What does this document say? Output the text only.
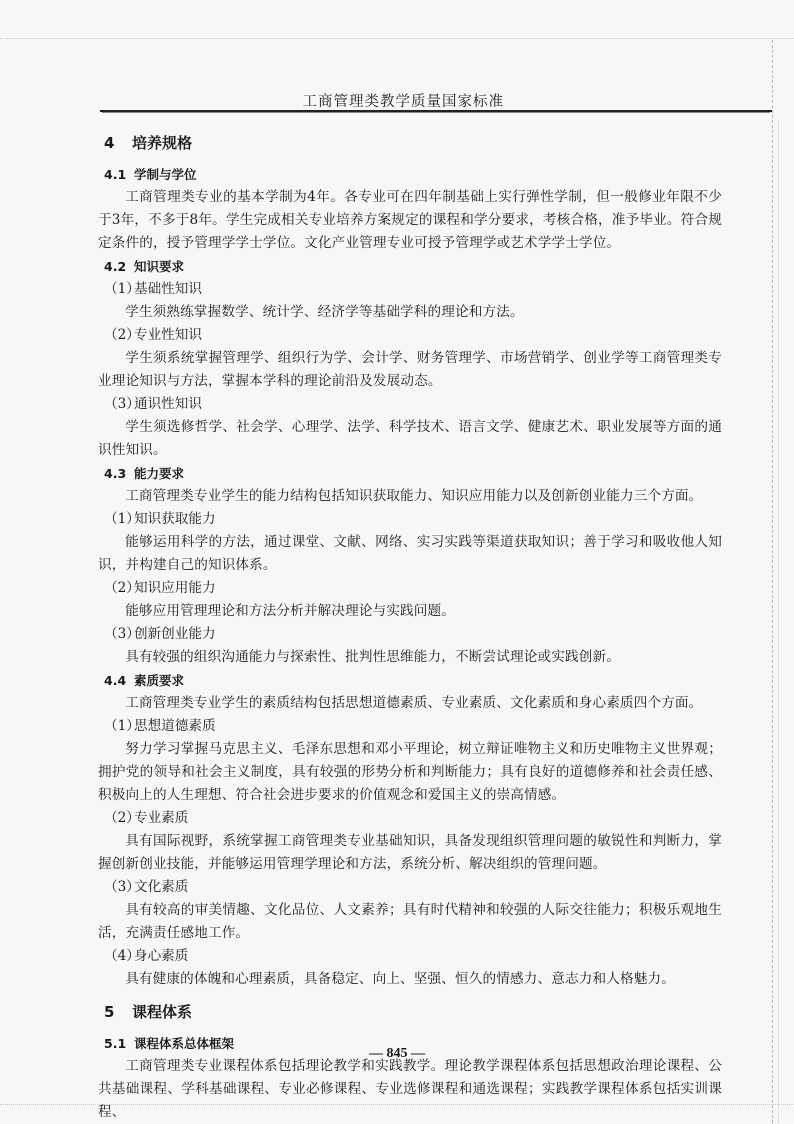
工商管理类教学质量国家标准
4 培养规格
4.1 学制与学位
工商管理类专业的基本学制为4年。各专业可在四年制基础上实行弹性学制，但一般修业年限不少于3年，不多于8年。学生完成相关专业培养方案规定的课程和学分要求，考核合格，准予毕业。符合规定条件的，授予管理学学士学位。文化产业管理专业可授予管理学或艺术学学士学位。
4.2 知识要求
（1）基础性知识
学生须熟练掌握数学、统计学、经济学等基础学科的理论和方法。
（2）专业性知识
学生须系统掌握管理学、组织行为学、会计学、财务管理学、市场营销学、创业学等工商管理类专业理论知识与方法，掌握本学科的理论前沿及发展动态。
（3）通识性知识
学生须选修哲学、社会学、心理学、法学、科学技术、语言文学、健康艺术、职业发展等方面的通识性知识。
4.3 能力要求
工商管理类专业学生的能力结构包括知识获取能力、知识应用能力以及创新创业能力三个方面。
（1）知识获取能力
能够运用科学的方法，通过课堂、文献、网络、实习实践等渠道获取知识；善于学习和吸收他人知识，并构建自己的知识体系。
（2）知识应用能力
能够应用管理理论和方法分析并解决理论与实践问题。
（3）创新创业能力
具有较强的组织沟通能力与探索性、批判性思维能力，不断尝试理论或实践创新。
4.4 素质要求
工商管理类专业学生的素质结构包括思想道德素质、专业素质、文化素质和身心素质四个方面。
（1）思想道德素质
努力学习掌握马克思主义、毛泽东思想和邓小平理论，树立辩证唯物主义和历史唯物主义世界观；拥护党的领导和社会主义制度，具有较强的形势分析和判断能力；具有良好的道德修养和社会责任感、积极向上的人生理想、符合社会进步要求的价值观念和爱国主义的崇高情感。
（2）专业素质
具有国际视野，系统掌握工商管理类专业基础知识，具备发现组织管理问题的敏锐性和判断力，掌握创新创业技能，并能够运用管理学理论和方法，系统分析、解决组织的管理问题。
（3）文化素质
具有较高的审美情趣、文化品位、人文素养；具有时代精神和较强的人际交往能力；积极乐观地生活，充满责任感地工作。
（4）身心素质
具有健康的体魄和心理素质，具备稳定、向上、坚强、恒久的情感力、意志力和人格魅力。
5 课程体系
5.1 课程体系总体框架
工商管理类专业课程体系包括理论教学和实践教学。理论教学课程体系包括思想政治理论课程、公共基础课程、学科基础课程、专业必修课程、专业选修课程和通选课程；实践教学课程体系包括实训课程、
— 845 —
